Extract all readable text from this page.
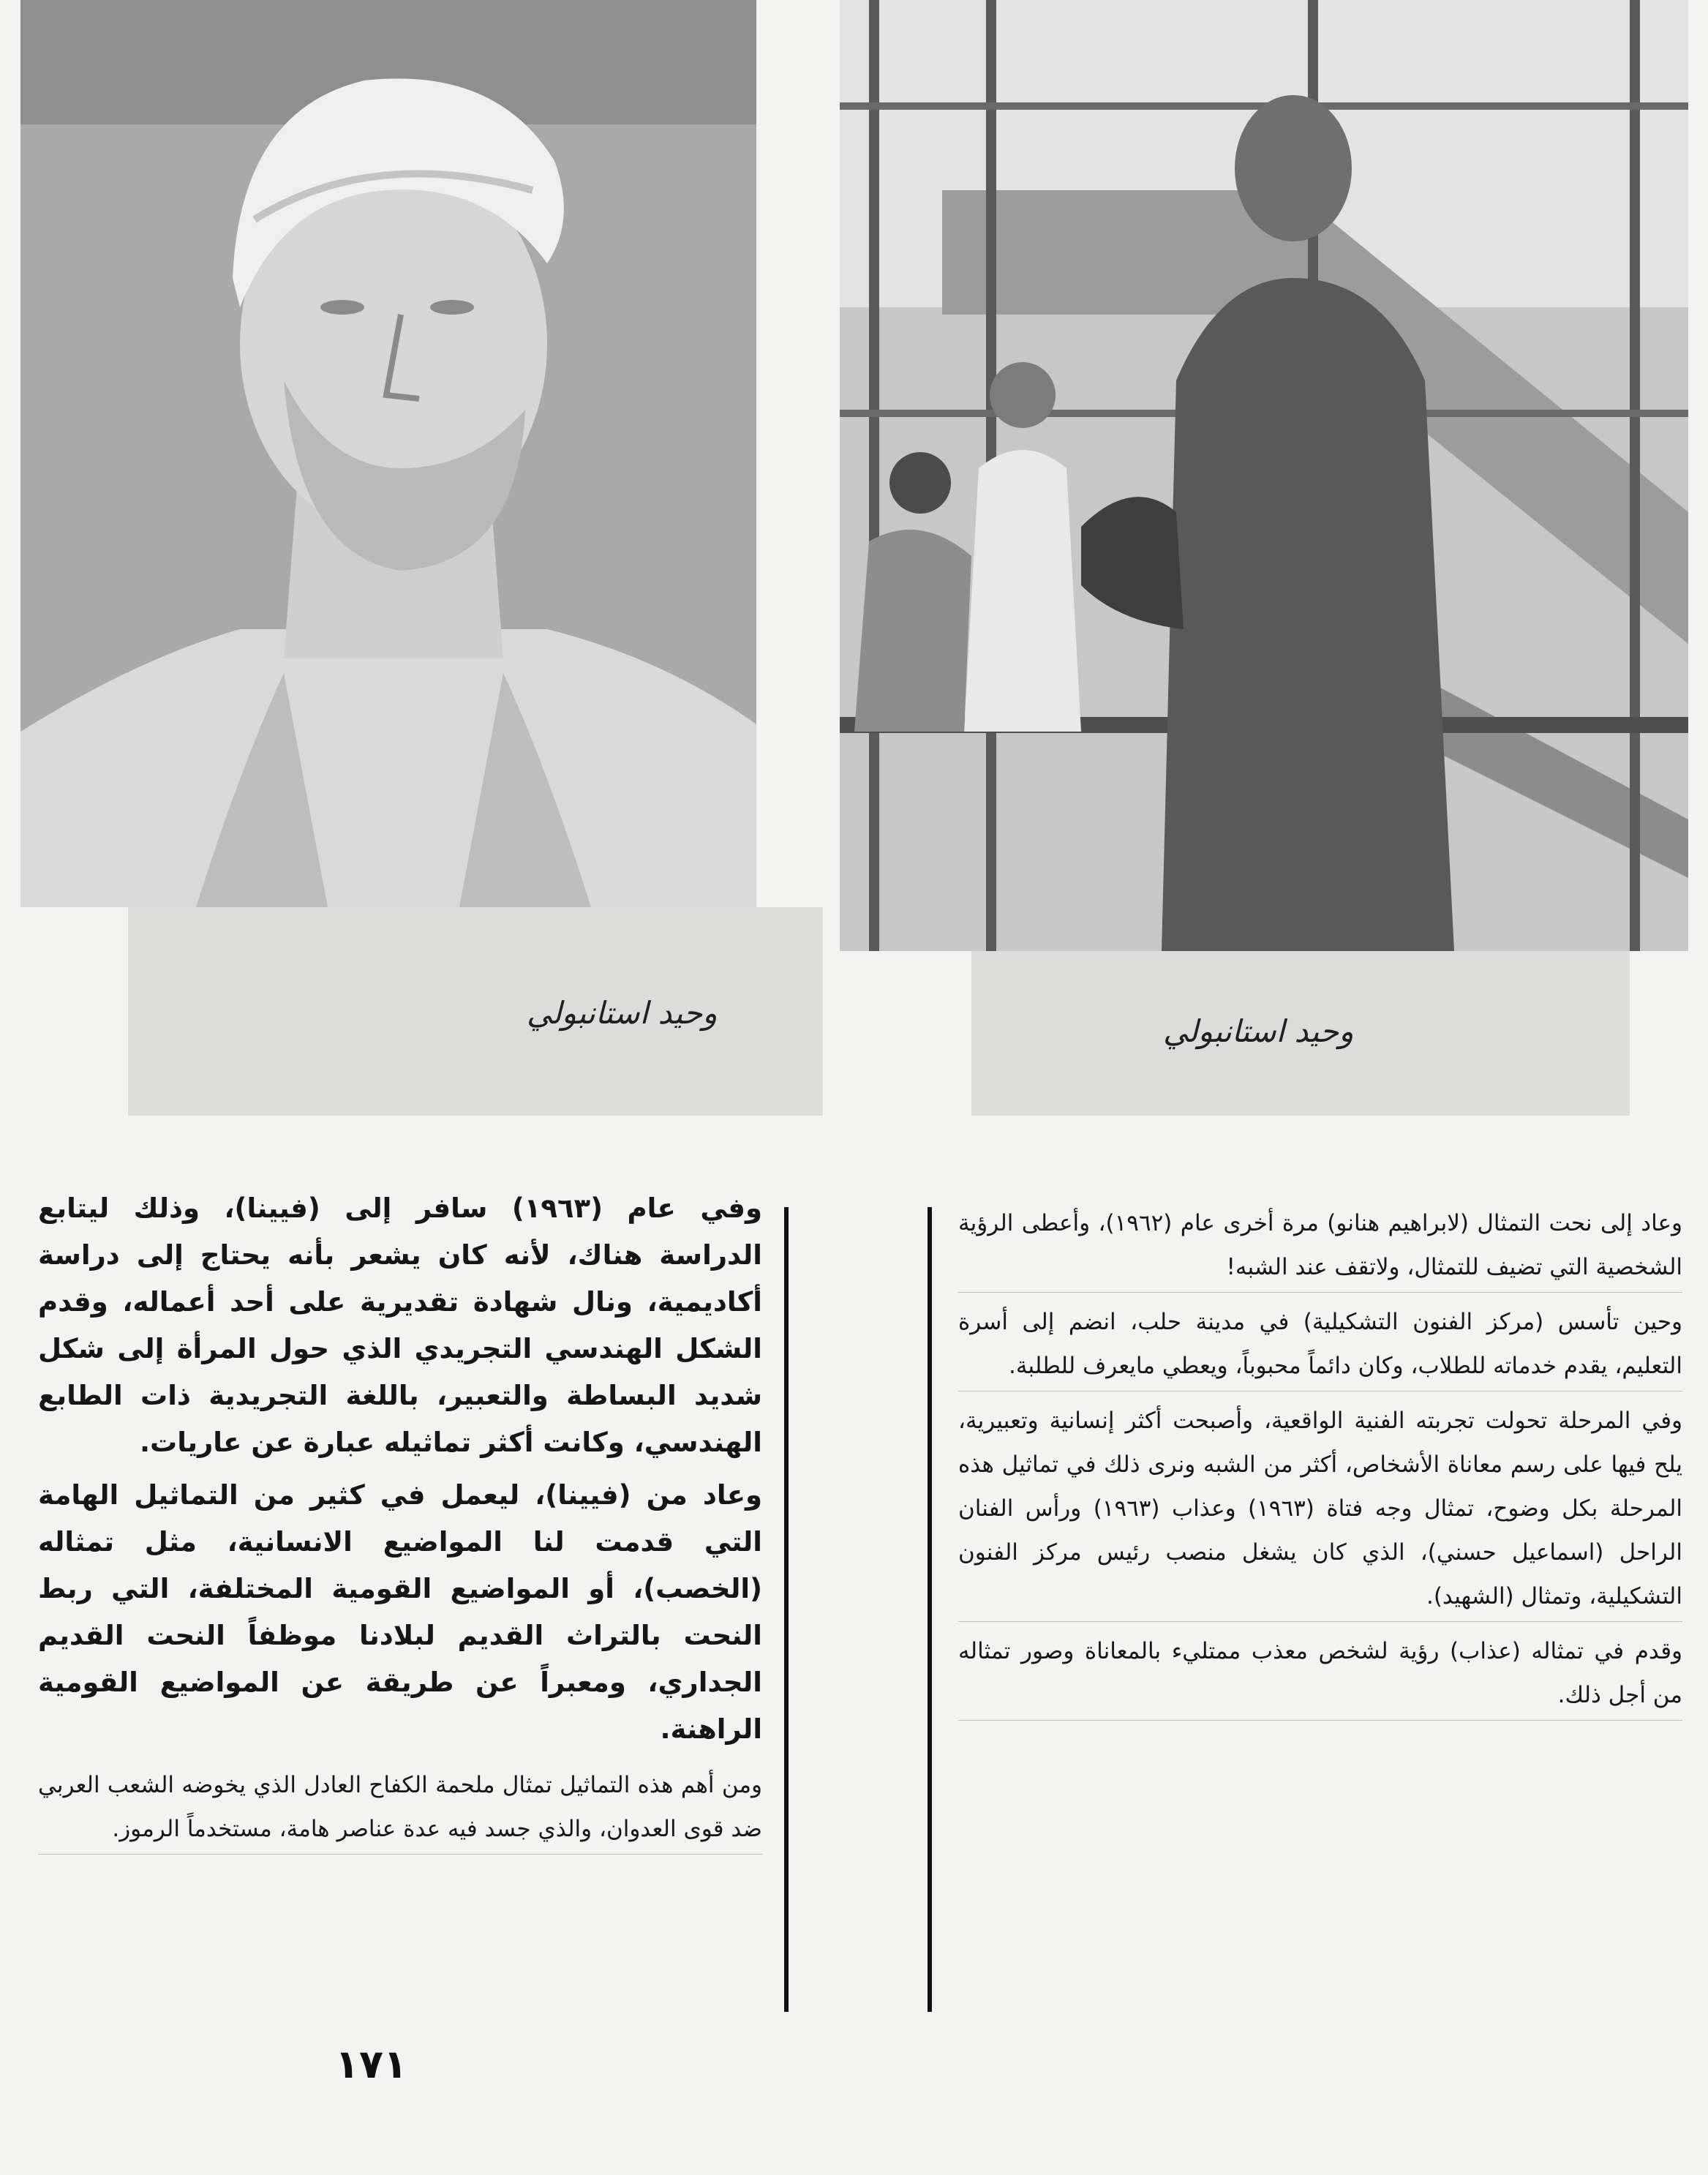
وحيد استانبولي
وحيد استانبولي

وعاد إلى نحت التمثال (لابراهيم هنانو) مرة أخرى عام (١٩٦٢)، وأعطى الرؤية الشخصية التي تضيف للتمثال، ولاتقف عند الشبه!

وحين تأسس (مركز الفنون التشكيلية) في مدينة حلب، انضم إلى أسرة التعليم، يقدم خدماته للطلاب، وكان دائماً محبوباً، ويعطي مايعرف للطلبة.

وفي المرحلة تحولت تجربته الفنية الواقعية، وأصبحت أكثر إنسانية وتعبيرية، يلح فيها على رسم معاناة الأشخاص، أكثر من الشبه ونرى ذلك في تماثيل هذه المرحلة بكل وضوح، تمثال وجه فتاة (١٩٦٣) وعذاب (١٩٦٣) ورأس الفنان الراحل (اسماعيل حسني)، الذي كان يشغل منصب رئيس مركز الفنون التشكيلية، وتمثال (الشهيد).

وقدم في تمثاله (عذاب) رؤية لشخص معذب ممتليء بالمعاناة وصور تمثاله من أجل ذلك.

وفي عام (١٩٦٣) سافر إلى (فيينا)، وذلك ليتابع الدراسة هناك، لأنه كان يشعر بأنه يحتاج إلى دراسة أكاديمية، ونال شهادة تقديرية على أحد أعماله، وقدم الشكل الهندسي التجريدي الذي حول المرأة إلى شكل شديد البساطة والتعبير، باللغة التجريدية ذات الطابع الهندسي، وكانت أكثر تماثيله عبارة عن عاريات.

وعاد من (فيينا)، ليعمل في كثير من التماثيل الهامة التي قدمت لنا المواضيع الانسانية، مثل تمثاله (الخصب)، أو المواضيع القومية المختلفة، التي ربط النحت بالتراث القديم لبلادنا موظفاً النحت القديم الجداري، ومعبراً عن طريقة عن المواضيع القومية الراهنة.

ومن أهم هذه التماثيل تمثال ملحمة الكفاح العادل الذي يخوضه الشعب العربي ضد قوى العدوان، والذي جسد فيه عدة عناصر هامة، مستخدماً الرموز.

١٧١
